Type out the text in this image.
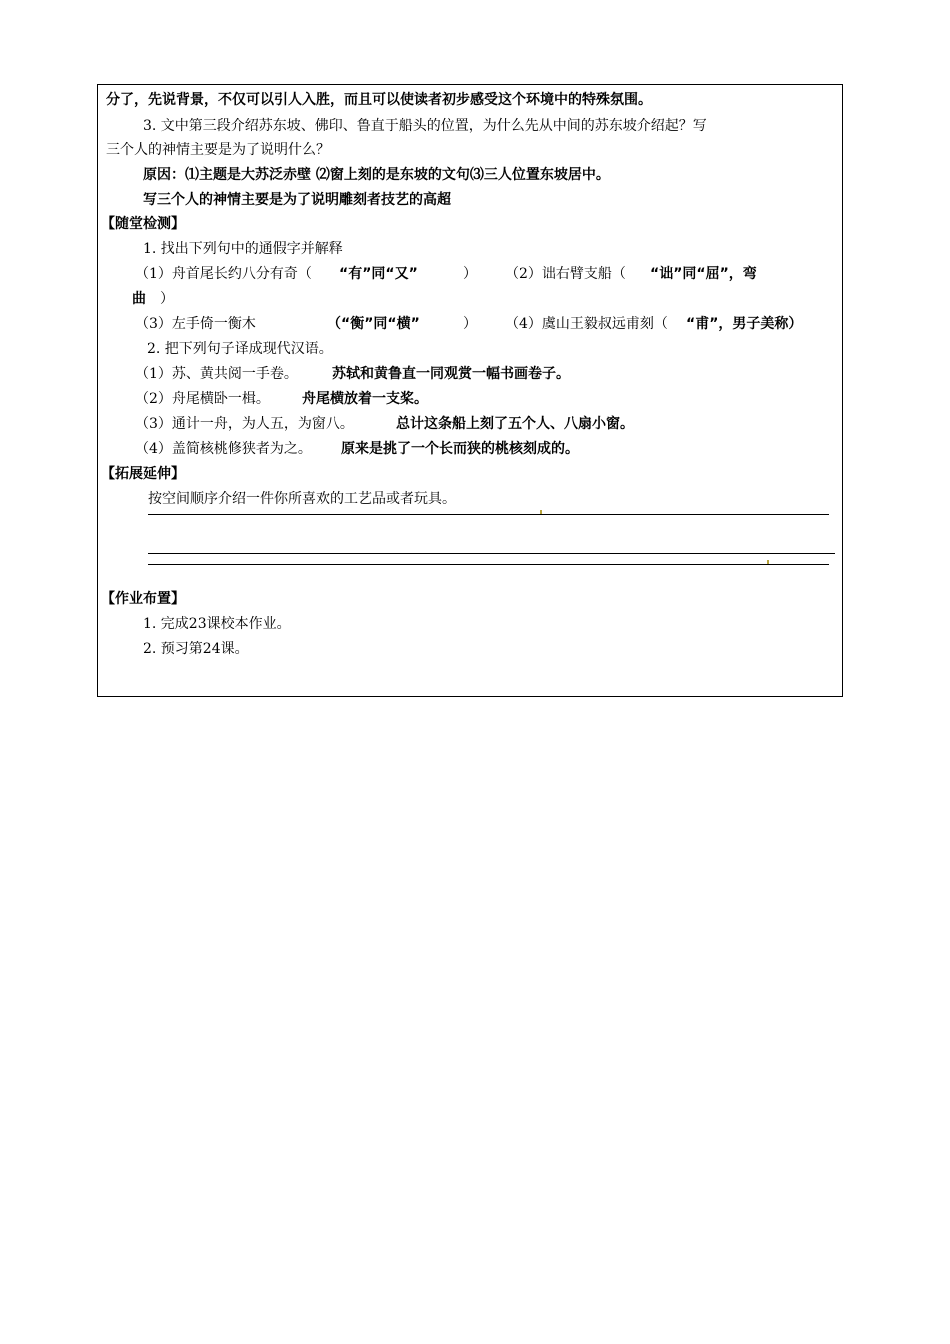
分了，先说背景，不仅可以引人入胜，而且可以使读者初步感受这个环境中的特殊氛围。
3. 文中第三段介绍苏东坡、佛印、鲁直于船头的位置，为什么先从中间的苏东坡介绍起？写
三个人的神情主要是为了说明什么？
原因：⑴主题是大苏泛赤壁 ⑵窗上刻的是东坡的文句⑶三人位置东坡居中。
写三个人的神情主要是为了说明雕刻者技艺的高超
【随堂检测】
1. 找出下列句中的通假字并解释
（1）舟首尾长约八分有奇（ “有”同“又”	） （2）诎右臂支船（ “诎”同“屈”，弯
曲 ）
（3）左手倚一衡木	（“衡”同“横”	） （4）虞山王毅叔远甫刻（ “甫”，男子美称）
2. 把下列句子译成现代汉语。
（1）苏、黄共阅一手卷。 苏轼和黄鲁直一同观赏一幅书画卷子。
（2）舟尾横卧一楫。 舟尾横放着一支桨。
（3）通计一舟，为人五，为窗八。	总计这条船上刻了五个人、八扇小窗。
（4）盖简核桃修狭者为之。 原来是挑了一个长而狭的桃核刻成的。
【拓展延伸】
按空间顺序介绍一件你所喜欢的工艺品或者玩具。
【作业布置】
1. 完成23课校本作业。
2. 预习第24课。
